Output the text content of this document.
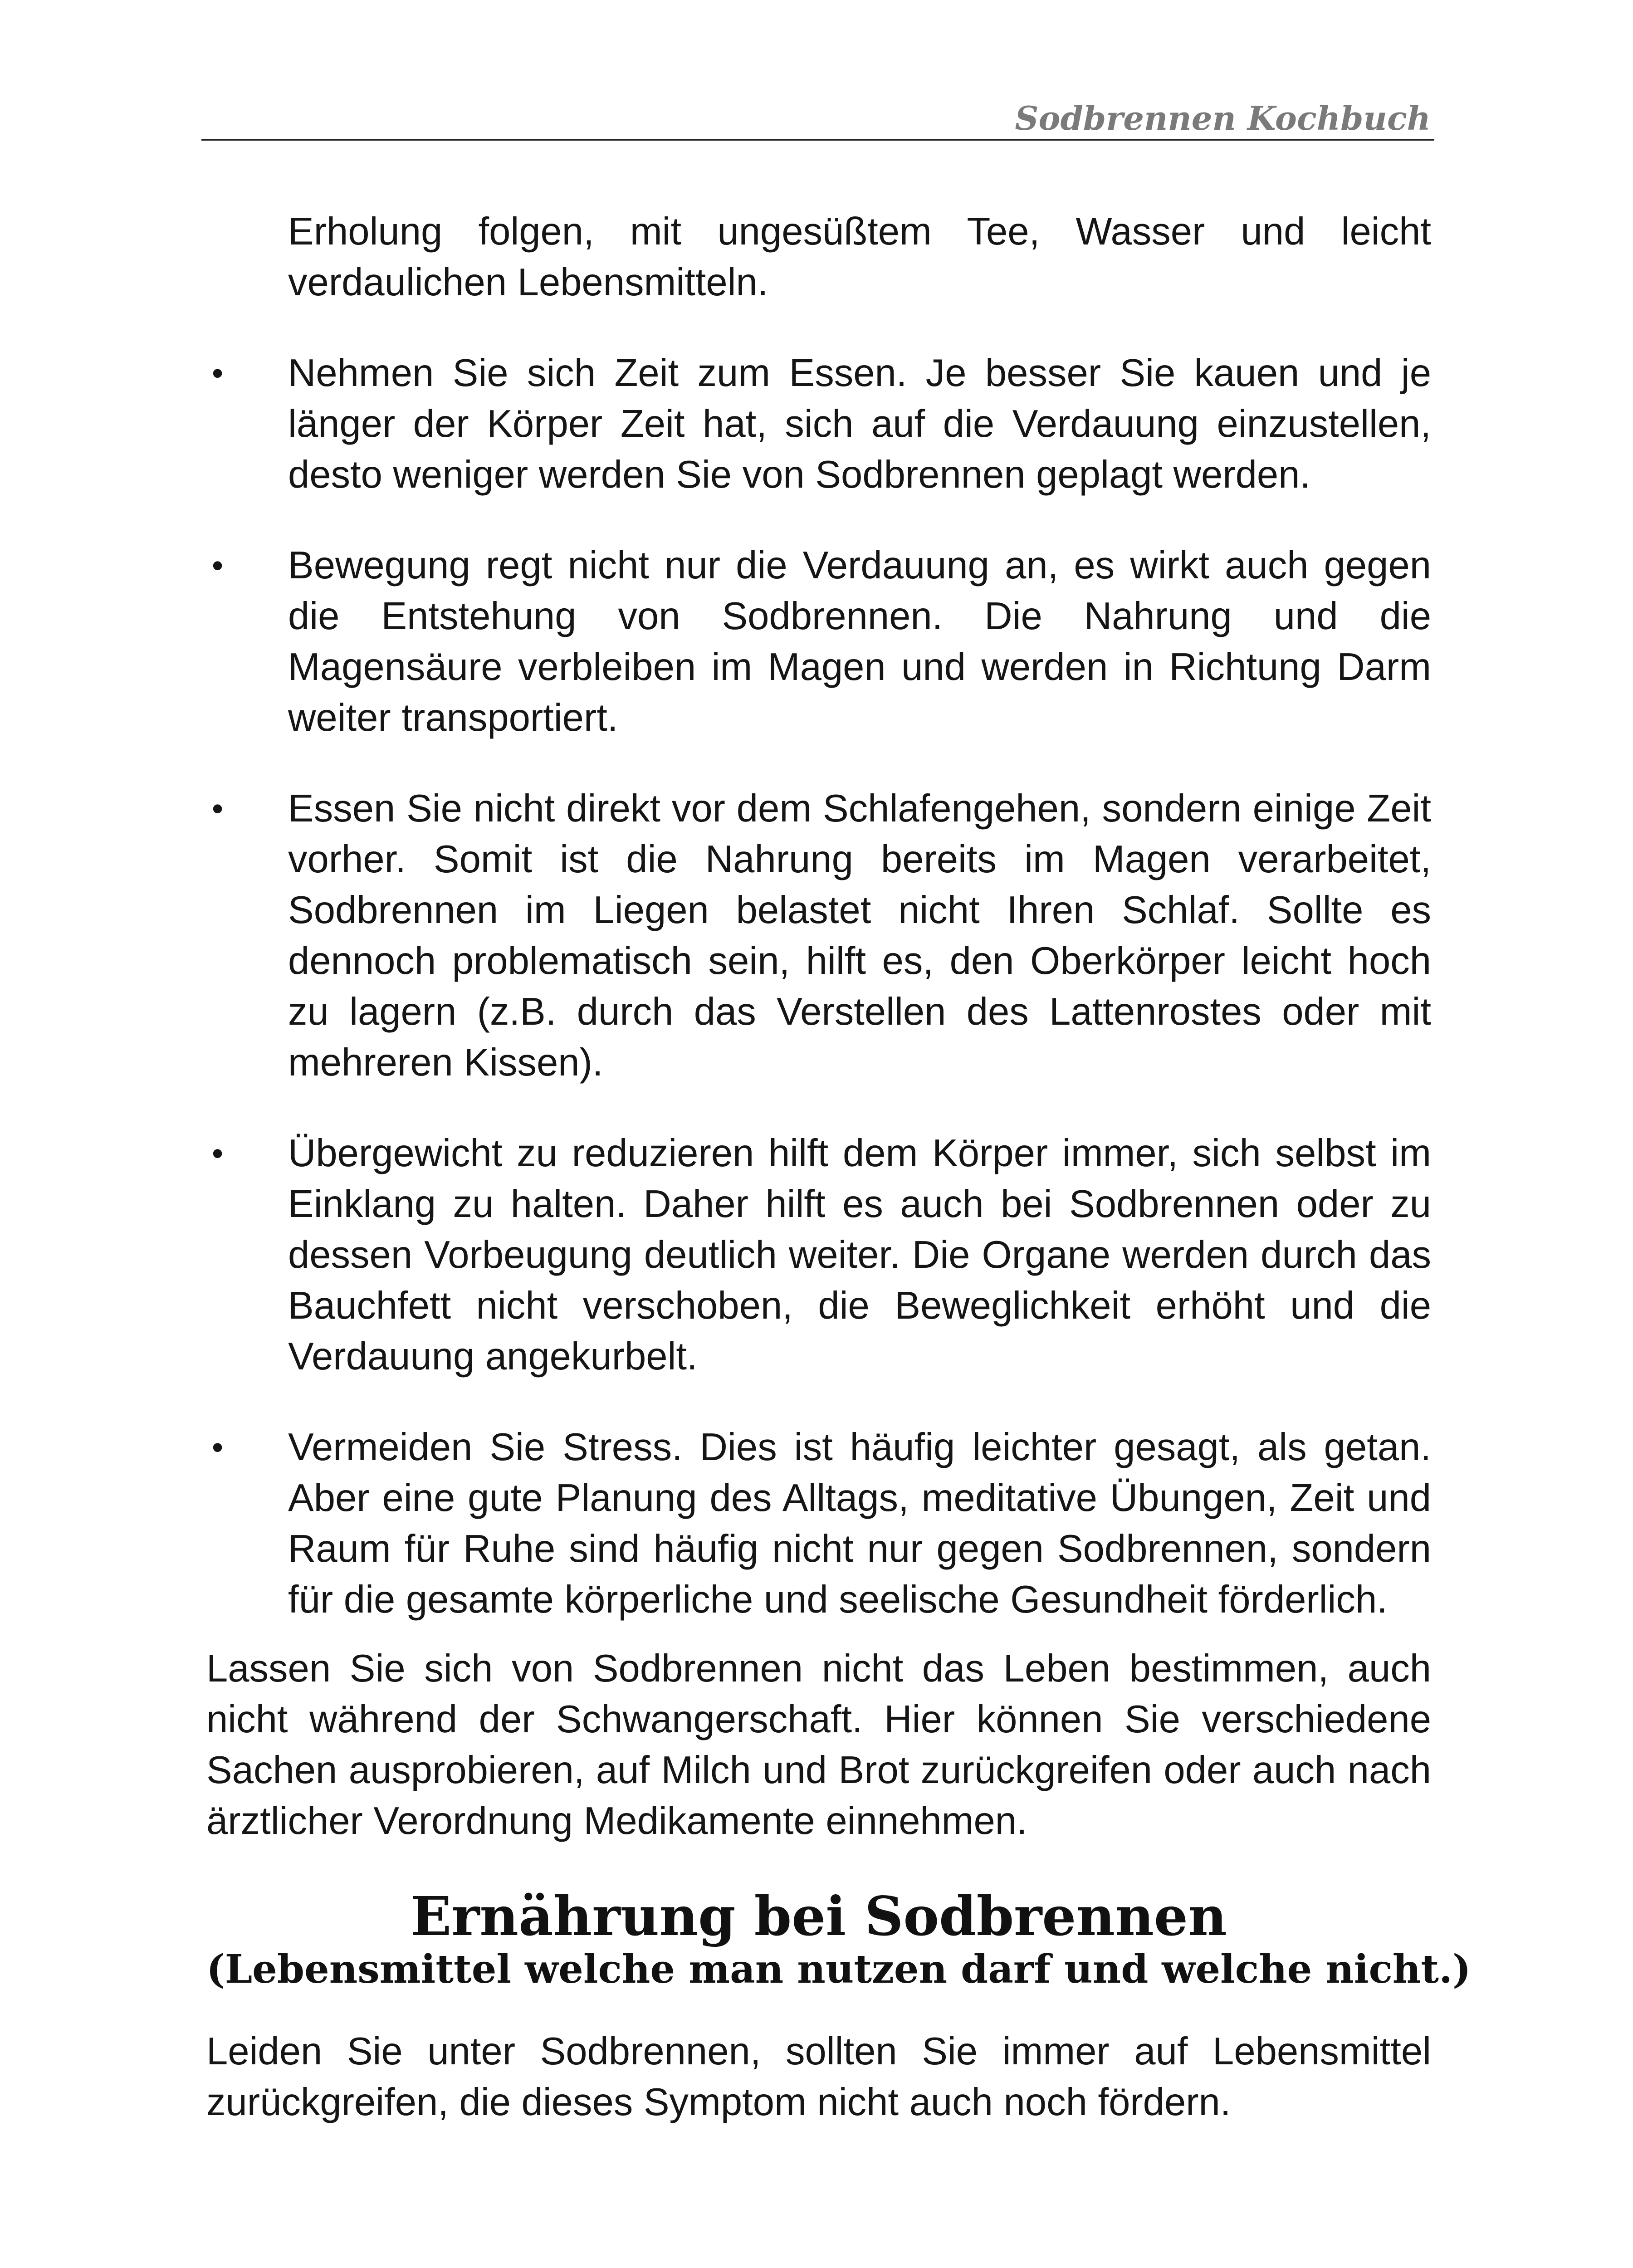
Sodbrennen Kochbuch

Erholung folgen, mit ungesüßtem Tee, Wasser und leicht verdaulichen Lebensmitteln.

• Nehmen Sie sich Zeit zum Essen. Je besser Sie kauen und je länger der Körper Zeit hat, sich auf die Verdauung einzustellen, desto weniger werden Sie von Sodbrennen geplagt werden.
• Bewegung regt nicht nur die Verdauung an, es wirkt auch gegen die Entstehung von Sodbrennen. Die Nahrung und die Magensäure verbleiben im Magen und werden in Richtung Darm weiter transportiert.
• Essen Sie nicht direkt vor dem Schlafengehen, sondern einige Zeit vorher. Somit ist die Nahrung bereits im Magen verarbeitet, Sodbrennen im Liegen belastet nicht Ihren Schlaf. Sollte es dennoch problematisch sein, hilft es, den Oberkörper leicht hoch zu lagern (z.B. durch das Verstellen des Lattenrostes oder mit mehreren Kissen).
• Übergewicht zu reduzieren hilft dem Körper immer, sich selbst im Einklang zu halten. Daher hilft es auch bei Sodbrennen oder zu dessen Vorbeugung deutlich weiter. Die Organe werden durch das Bauchfett nicht verschoben, die Beweglichkeit erhöht und die Verdauung angekurbelt.
• Vermeiden Sie Stress. Dies ist häufig leichter gesagt, als getan. Aber eine gute Planung des Alltags, meditative Übungen, Zeit und Raum für Ruhe sind häufig nicht nur gegen Sodbrennen, sondern für die gesamte körperliche und seelische Gesundheit förderlich.

Lassen Sie sich von Sodbrennen nicht das Leben bestimmen, auch nicht während der Schwangerschaft. Hier können Sie verschiedene Sachen ausprobieren, auf Milch und Brot zurückgreifen oder auch nach ärztlicher Verordnung Medikamente einnehmen.

Ernährung bei Sodbrennen
(Lebensmittel welche man nutzen darf und welche nicht.)

Leiden Sie unter Sodbrennen, sollten Sie immer auf Lebensmittel zurückgreifen, die dieses Symptom nicht auch noch fördern.
